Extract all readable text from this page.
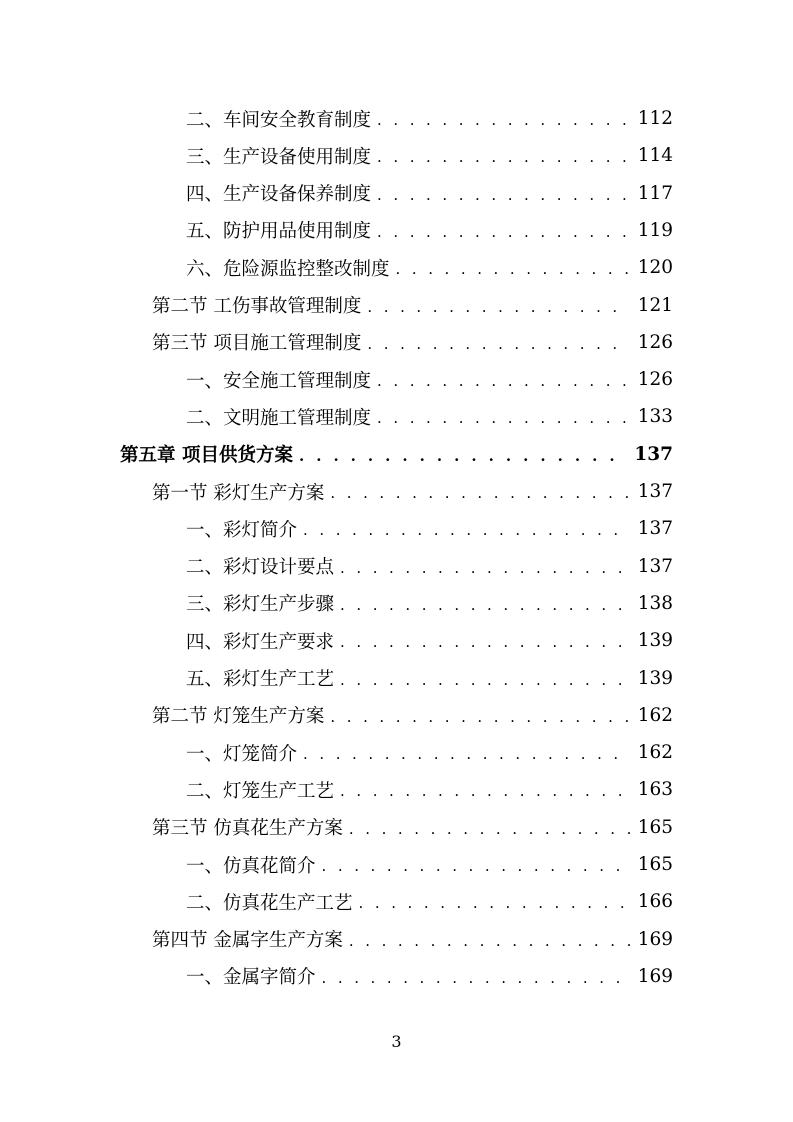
二、车间安全教育制度 . . .	112
三、生产设备使用制度 . . .	114
四、生产设备保养制度 . . .	117
五、防护用品使用制度 . . .	119
六、危险源监控整改制度 . . .	120
第二节 工伤事故管理制度 . . .	121
第三节 项目施工管理制度 . . .	126
一、安全施工管理制度 . . .	126
二、文明施工管理制度 . . .	133
第五章 项目供货方案 . . .	137
第一节 彩灯生产方案 . . .	137
一、彩灯简介 . . .	137
二、彩灯设计要点 . . .	137
三、彩灯生产步骤 . . .	138
四、彩灯生产要求 . . .	139
五、彩灯生产工艺 . . .	139
第二节 灯笼生产方案 . . .	162
一、灯笼简介 . . .	162
二、灯笼生产工艺 . . .	163
第三节 仿真花生产方案 . . .	165
一、仿真花简介 . . .	165
二、仿真花生产工艺 . . .	166
第四节 金属字生产方案 . . .	169
一、金属字简介 . . .	169
3
